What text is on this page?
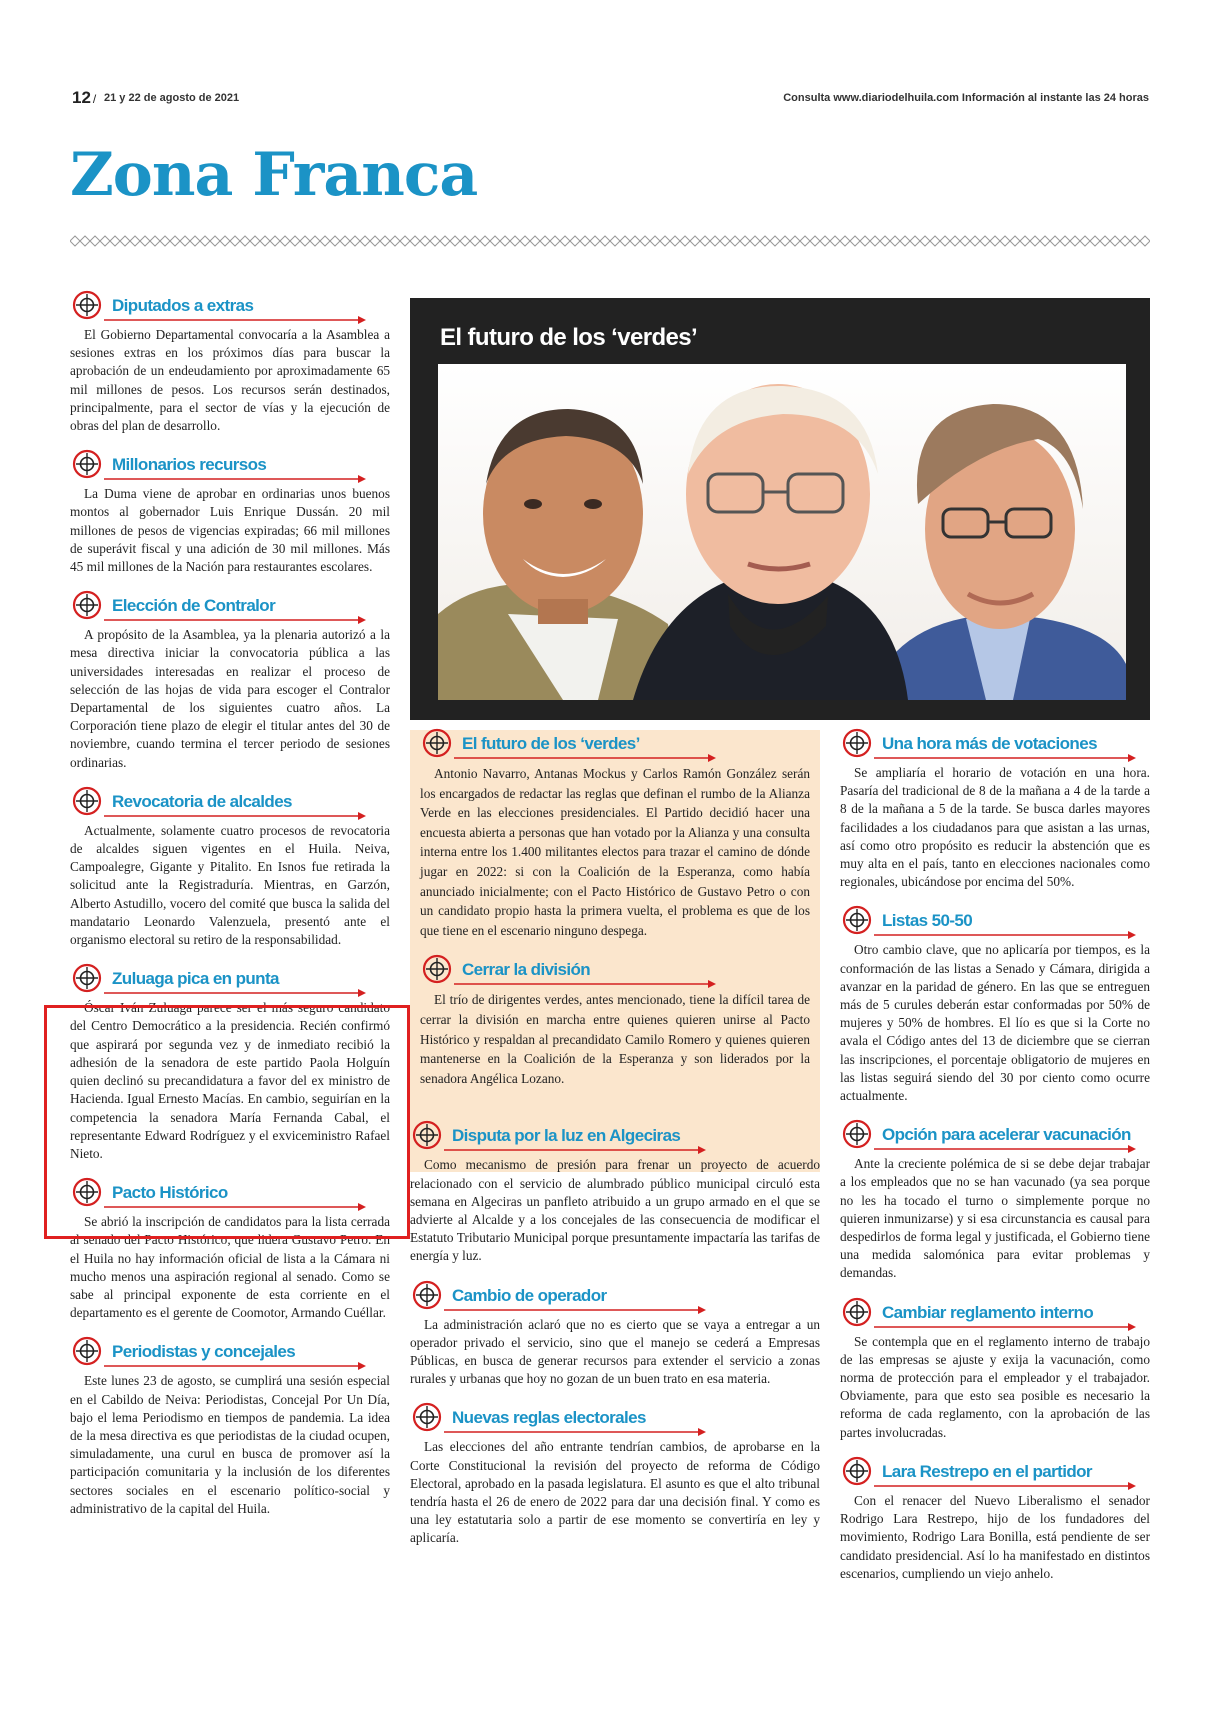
12 / 21 y 22 de agosto de 2021	Consulta www.diariodelhuila.com Información al instante las 24 horas
Zona Franca
El futuro de los ‘verdes’
Diputados a extras
El Gobierno Departamental convocaría a la Asamblea a sesiones extras en los próximos días para buscar la aprobación de un endeudamiento por aproximadamente 65 mil millones de pesos. Los recursos serán destinados, principalmente, para el sector de vías y la ejecución de obras del plan de desarrollo.
Millonarios recursos
La Duma viene de aprobar en ordinarias unos buenos montos al gobernador Luis Enrique Dussán. 20 mil millones de pesos de vigencias expiradas; 66 mil millones de superávit fiscal y una adición de 30 mil millones. Más 45 mil millones de la Nación para restaurantes escolares.
Elección de Contralor
A propósito de la Asamblea, ya la plenaria autorizó a la mesa directiva iniciar la convocatoria pública a las universidades interesadas en realizar el proceso de selección de las hojas de vida para escoger el Contralor Departamental de los siguientes cuatro años. La Corporación tiene plazo de elegir el titular antes del 30 de noviembre, cuando termina el tercer periodo de sesiones ordinarias.
Revocatoria de alcaldes
Actualmente, solamente cuatro procesos de revocatoria de alcaldes siguen vigentes en el Huila. Neiva, Campoalegre, Gigante y Pitalito. En Isnos fue retirada la solicitud ante la Registraduría. Mientras, en Garzón, Alberto Astudillo, vocero del comité que busca la salida del mandatario Leonardo Valenzuela, presentó ante el organismo electoral su retiro de la responsabilidad.
Zuluaga pica en punta
Óscar Iván Zuluaga parece ser el más seguro candidato del Centro Democrático a la presidencia. Recién confirmó que aspirará por segunda vez y de inmediato recibió la adhesión de la senadora de este partido Paola Holguín quien declinó su precandidatura a favor del ex ministro de Hacienda. Igual Ernesto Macías. En cambio, seguirían en la competencia la senadora María Fernanda Cabal, el representante Edward Rodríguez y el exviceministro Rafael Nieto.
Pacto Histórico
Se abrió la inscripción de candidatos para la lista cerrada al senado del Pacto Histórico, que lidera Gustavo Petro. En el Huila no hay información oficial de lista a la Cámara ni mucho menos una aspiración regional al senado. Como se sabe al principal exponente de esta corriente en el departamento es el gerente de Coomotor, Armando Cuéllar.
Periodistas y concejales
Este lunes 23 de agosto, se cumplirá una sesión especial en el Cabildo de Neiva: Periodistas, Concejal Por Un Día, bajo el lema Periodismo en tiempos de pandemia. La idea de la mesa directiva es que periodistas de la ciudad ocupen, simuladamente, una curul en busca de promover así la participación comunitaria y la inclusión de los diferentes sectores sociales en el escenario político-social y administrativo de la capital del Huila.
El futuro de los ‘verdes’
Antonio Navarro, Antanas Mockus y Carlos Ramón González serán los encargados de redactar las reglas que definan el rumbo de la Alianza Verde en las elecciones presidenciales. El Partido decidió hacer una encuesta abierta a personas que han votado por la Alianza y una consulta interna entre los 1.400 militantes electos para trazar el camino de dónde jugar en 2022: si con la Coalición de la Esperanza, como había anunciado inicialmente; con el Pacto Histórico de Gustavo Petro o con un candidato propio hasta la primera vuelta, el problema es que de los que tiene en el escenario ninguno despega.
Cerrar la división
El trío de dirigentes verdes, antes mencionado, tiene la difícil tarea de cerrar la división en marcha entre quienes quieren unirse al Pacto Histórico y respaldan al precandidato Camilo Romero y quienes quieren mantenerse en la Coalición de la Esperanza y son liderados por la senadora Angélica Lozano.
Disputa por la luz en Algeciras
Como mecanismo de presión para frenar un proyecto de acuerdo relacionado con el servicio de alumbrado público municipal circuló esta semana en Algeciras un panfleto atribuido a un grupo armado en el que se advierte al Alcalde y a los concejales de las consecuencia de modificar el Estatuto Tributario Municipal porque presuntamente impactaría las tarifas de energía y luz.
Cambio de operador
La administración aclaró que no es cierto que se vaya a entregar a un operador privado el servicio, sino que el manejo se cederá a Empresas Públicas, en busca de generar recursos para extender el servicio a zonas rurales y urbanas que hoy no gozan de un buen trato en esa materia.
Nuevas reglas electorales
Las elecciones del año entrante tendrían cambios, de aprobarse en la Corte Constitucional la revisión del proyecto de reforma de Código Electoral, aprobado en la pasada legislatura. El asunto es que el alto tribunal tendría hasta el 26 de enero de 2022 para dar una decisión final. Y como es una ley estatutaria solo a partir de ese momento se convertiría en ley y aplicaría.
Una hora más de votaciones
Se ampliaría el horario de votación en una hora. Pasaría del tradicional de 8 de la mañana a 4 de la tarde a 8 de la mañana a 5 de la tarde. Se busca darles mayores facilidades a los ciudadanos para que asistan a las urnas, así como otro propósito es reducir la abstención que es muy alta en el país, tanto en elecciones nacionales como regionales, ubicándose por encima del 50%.
Listas 50-50
Otro cambio clave, que no aplicaría por tiempos, es la conformación de las listas a Senado y Cámara, dirigida a avanzar en la paridad de género. En las que se entreguen más de 5 curules deberán estar conformadas por 50% de mujeres y 50% de hombres. El lío es que si la Corte no avala el Código antes del 13 de diciembre que se cierran las inscripciones, el porcentaje obligatorio de mujeres en las listas seguirá siendo del 30 por ciento como ocurre actualmente.
Opción para acelerar vacunación
Ante la creciente polémica de si se debe dejar trabajar a los empleados que no se han vacunado (ya sea porque no les ha tocado el turno o simplemente porque no quieren inmunizarse) y si esa circunstancia es causal para despedirlos de forma legal y justificada, el Gobierno tiene una medida salomónica para evitar problemas y demandas.
Cambiar reglamento interno
Se contempla que en el reglamento interno de trabajo de las empresas se ajuste y exija la vacunación, como norma de protección para el empleador y el trabajador. Obviamente, para que esto sea posible es necesario la reforma de cada reglamento, con la aprobación de las partes involucradas.
Lara Restrepo en el partidor
Con el renacer del Nuevo Liberalismo el senador Rodrigo Lara Restrepo, hijo de los fundadores del movimiento, Rodrigo Lara Bonilla, está pendiente de ser candidato presidencial. Así lo ha manifestado en distintos escenarios, cumpliendo un viejo anhelo.
